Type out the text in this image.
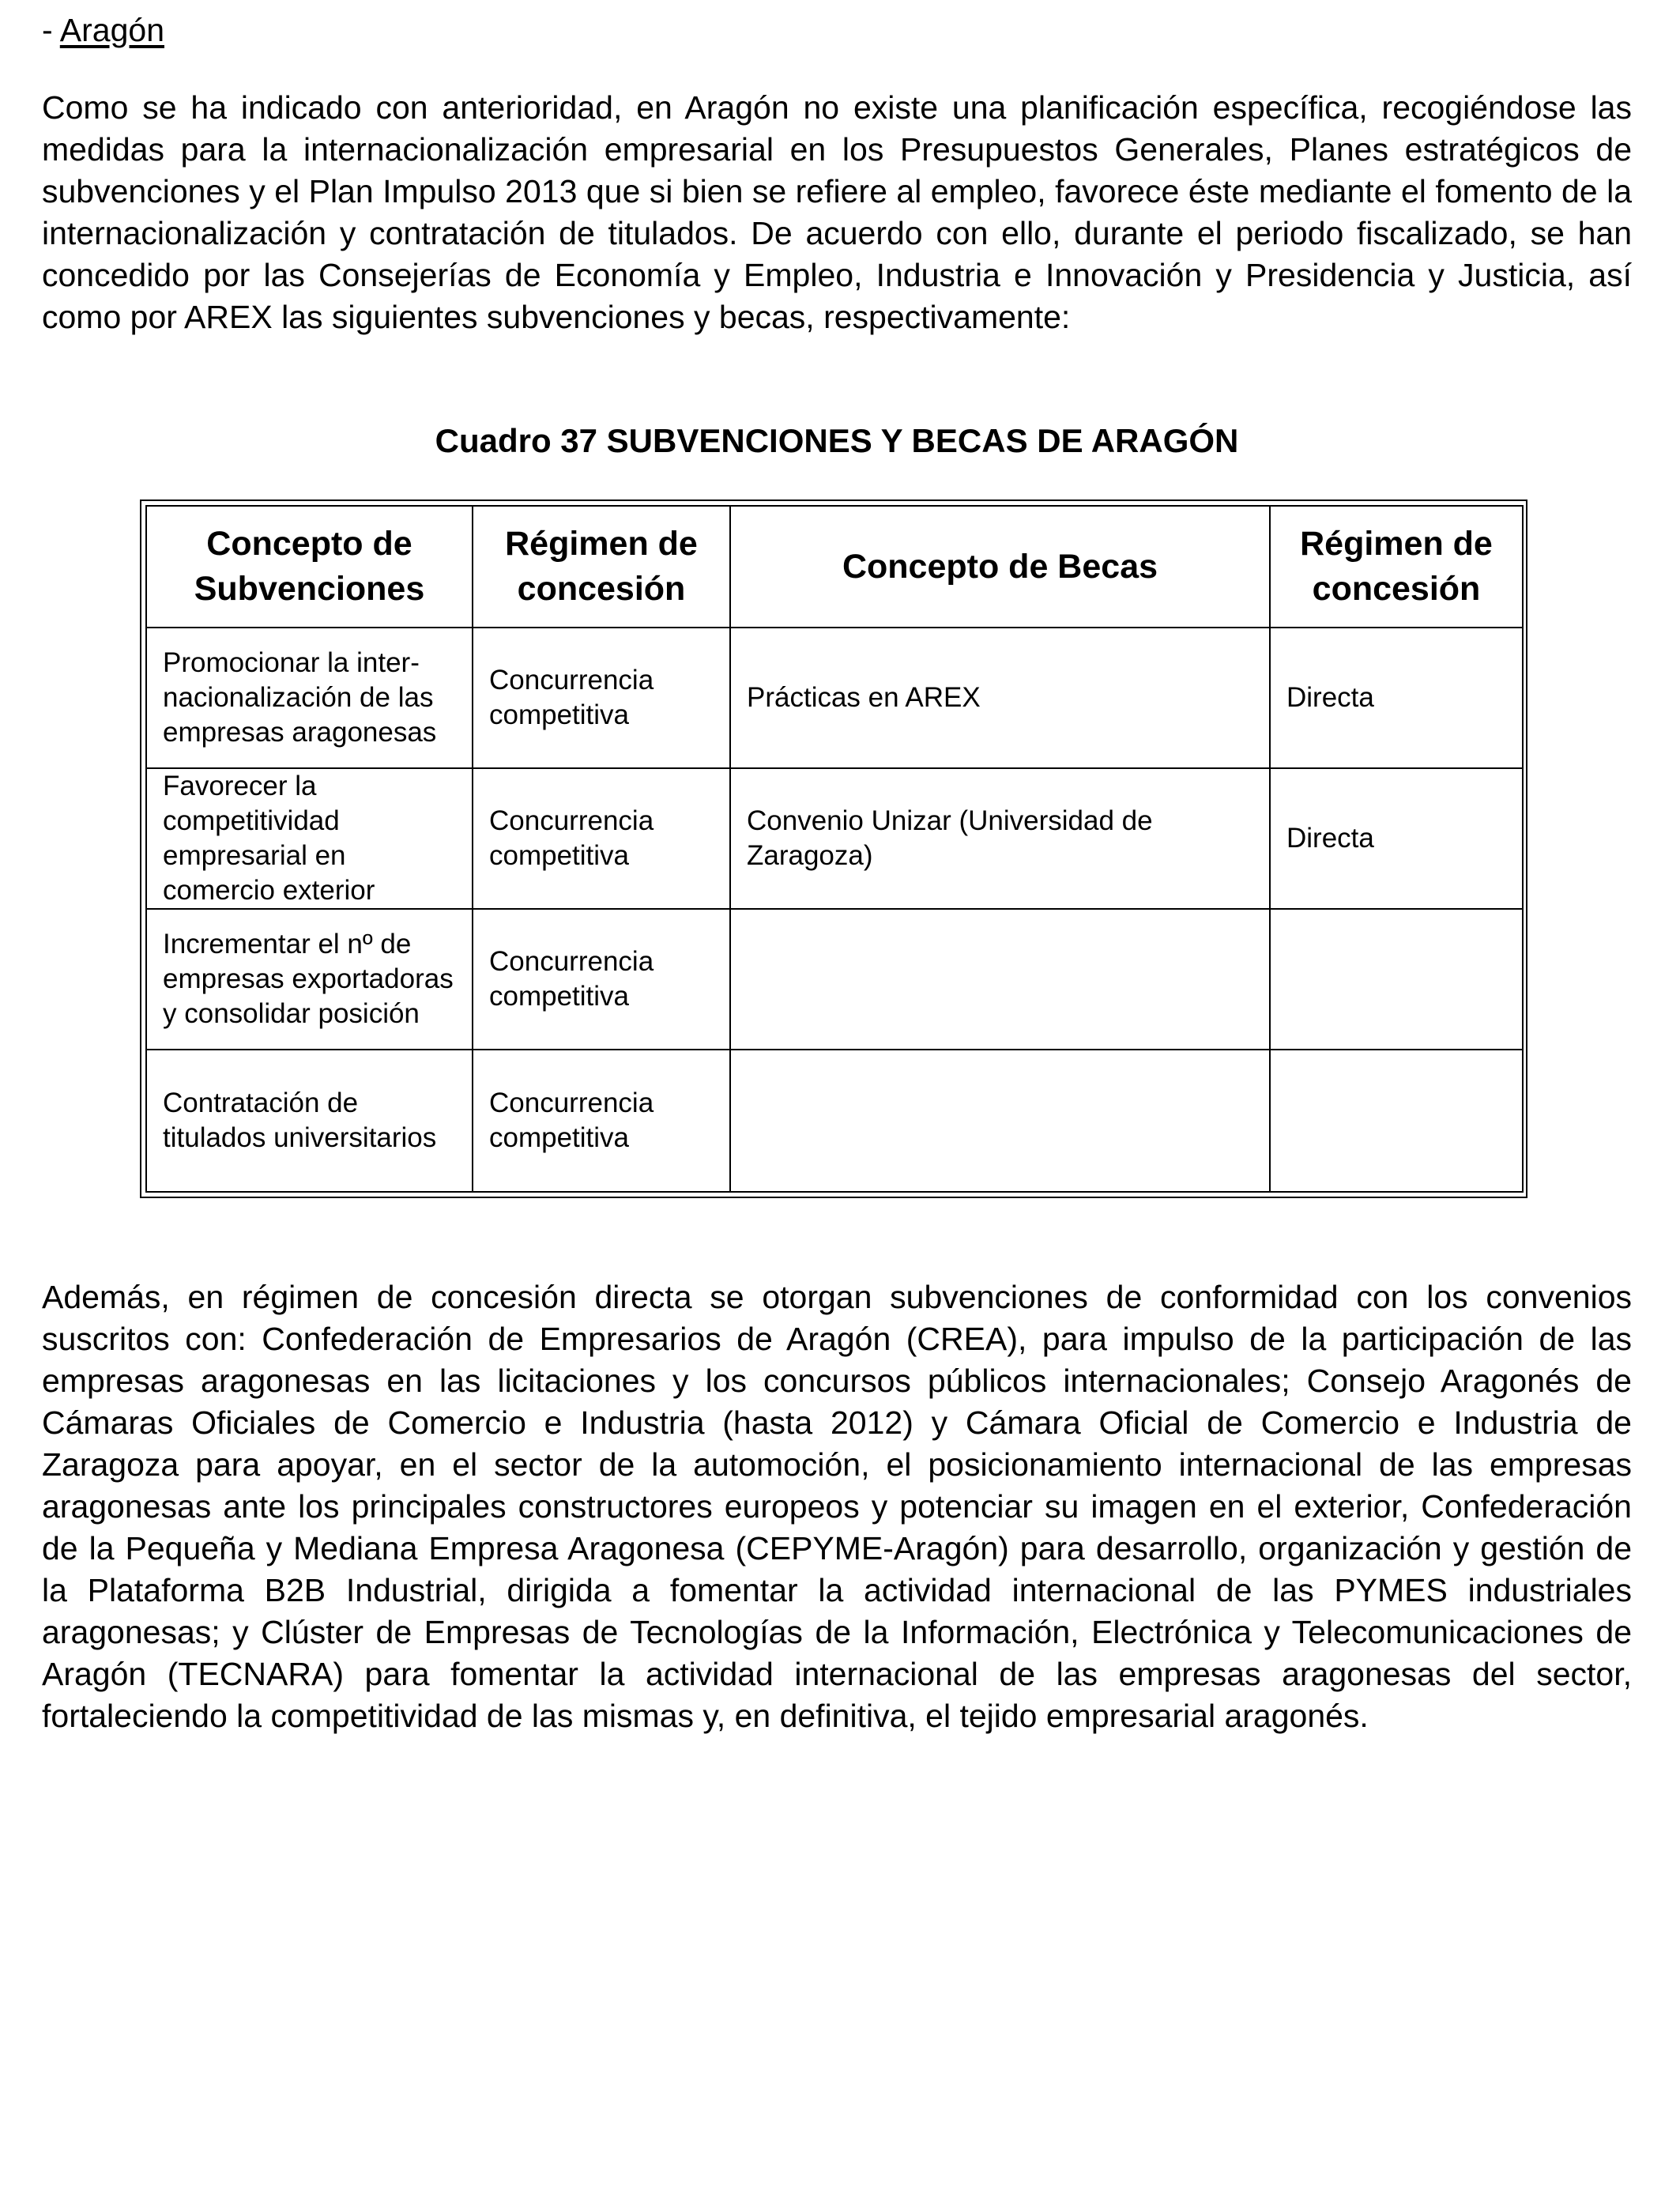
- Aragón

Como se ha indicado con anterioridad, en Aragón no existe una planificación específica, recogiéndose las medidas para la internacionalización empresarial en los Presupuestos Generales, Planes estratégicos de subvenciones y el Plan Impulso 2013 que si bien se refiere al empleo, favorece éste mediante el fomento de la internacionalización y contratación de titulados. De acuerdo con ello, durante el periodo fiscalizado, se han concedido por las Consejerías de Economía y Empleo, Industria e Innovación y Presidencia y Justicia, así como por AREX las siguientes subvenciones y becas, respectivamente:

Cuadro 37 SUBVENCIONES Y BECAS DE ARAGÓN
Concepto de Subvenciones	Régimen de concesión	Concepto de Becas	Régimen de concesión
Promocionar la inter-nacionalización de las empresas aragonesas	Concurrencia competitiva	Prácticas en AREX	Directa
Favorecer la competitividad empresarial en comercio exterior	Concurrencia competitiva	Convenio Unizar (Universidad de Zaragoza)	Directa
Incrementar el nº de empresas exportadoras y consolidar posición	Concurrencia competitiva		
Contratación de titulados universitarios	Concurrencia competitiva		

Además, en régimen de concesión directa se otorgan subvenciones de conformidad con los convenios suscritos con: Confederación de Empresarios de Aragón (CREA), para impulso de la participación de las empresas aragonesas en las licitaciones y los concursos públicos internacionales; Consejo Aragonés de Cámaras Oficiales de Comercio e Industria (hasta 2012) y Cámara Oficial de Comercio e Industria de Zaragoza para apoyar, en el sector de la automoción, el posicionamiento internacional de las empresas aragonesas ante los principales constructores europeos y potenciar su imagen en el exterior, Confederación de la Pequeña y Mediana Empresa Aragonesa (CEPYME-Aragón) para desarrollo, organización y gestión de la Plataforma B2B Industrial, dirigida a fomentar la actividad internacional de las PYMES industriales aragonesas; y Clúster de Empresas de Tecnologías de la Información, Electrónica y Telecomunicaciones de Aragón (TECNARA) para fomentar la actividad internacional de las empresas aragonesas del sector, fortaleciendo la competitividad de las mismas y, en definitiva, el tejido empresarial aragonés.
